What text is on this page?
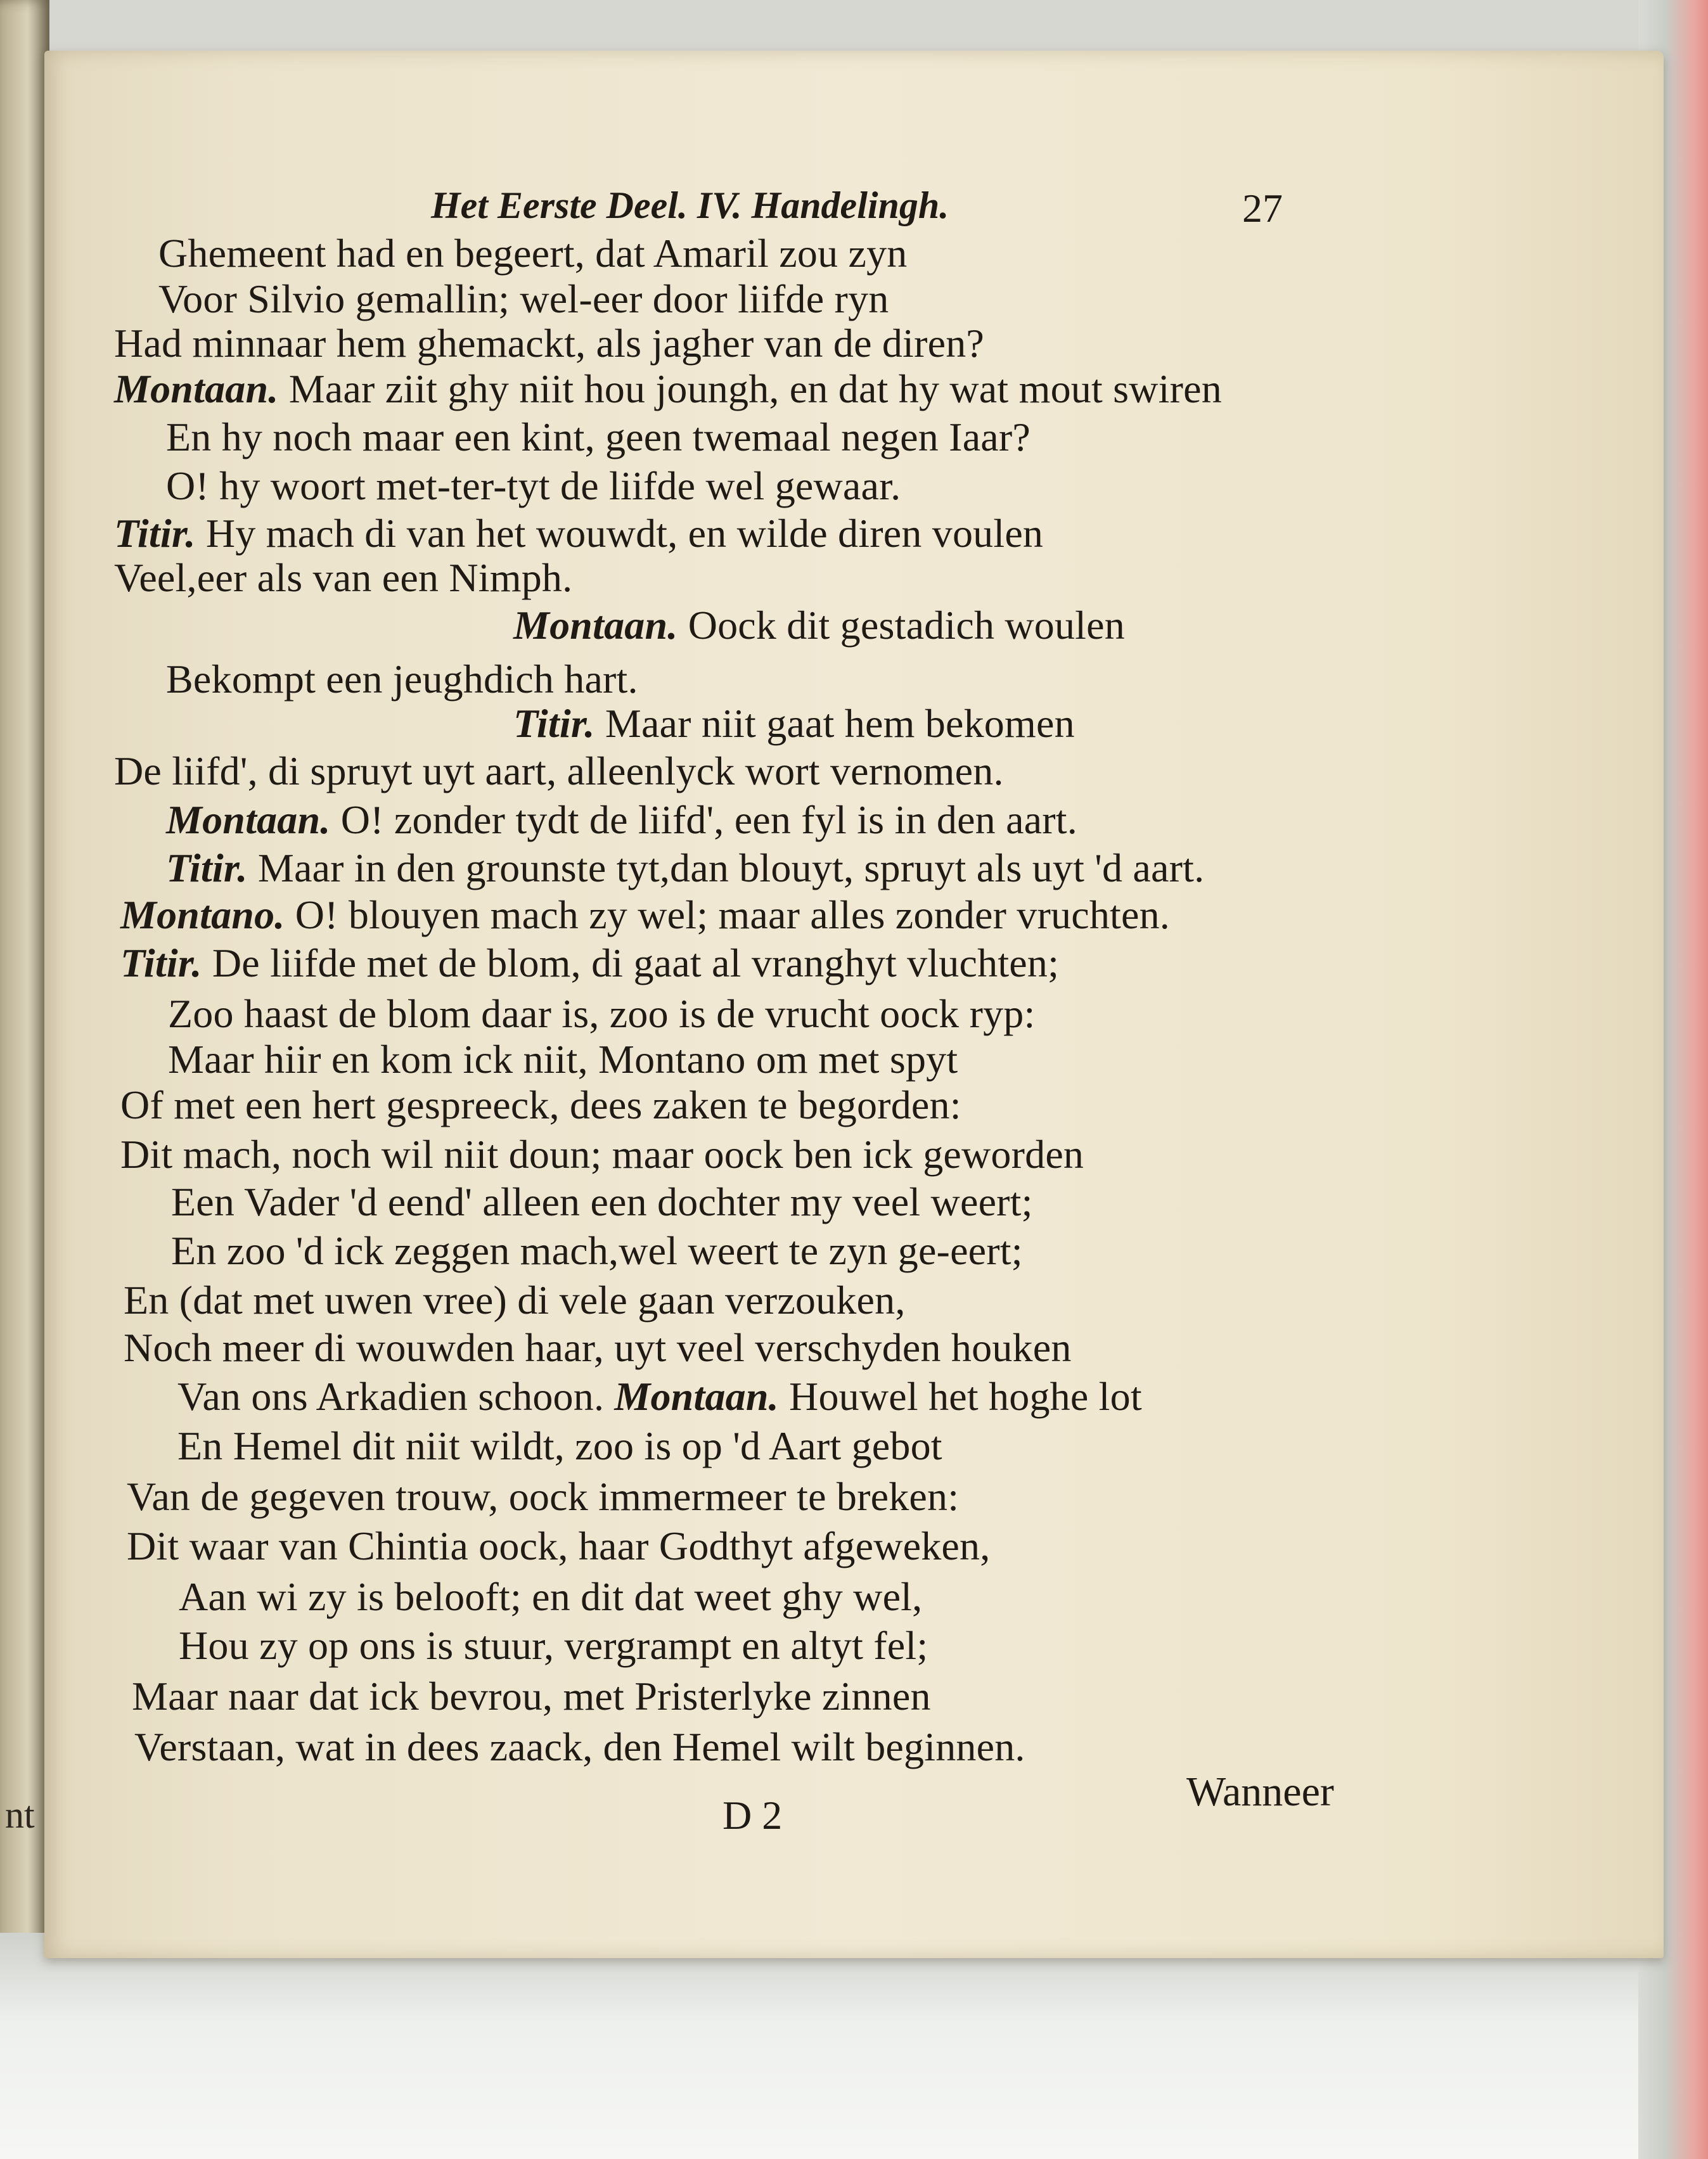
nt
Het Eerste Deel. IV. Handelingh.	27
Ghemeent had en begeert, dat Amaril zou zyn
Voor Silvio gemallin; wel-eer door liifde ryn
Had minnaar hem ghemackt, als jagher van de diren?
Montaan. Maar ziit ghy niit hou joungh, en dat hy wat mout swiren
En hy noch maar een kint, geen twemaal negen Iaar?
O! hy woort met-ter-tyt de liifde wel gewaar.
Titir. Hy mach di van het wouwdt, en wilde diren voulen
Veel,eer als van een Nimph.
Montaan. Oock dit gestadich woulen
Bekompt een jeughdich hart.
Titir. Maar niit gaat hem bekomen
De liifd', di spruyt uyt aart, alleenlyck wort vernomen.
Montaan. O! zonder tydt de liifd', een fyl is in den aart.
Titir. Maar in den grounste tyt,dan blouyt, spruyt als uyt 'd aart.
Montano. O! blouyen mach zy wel; maar alles zonder vruchten.
Titir. De liifde met de blom, di gaat al vranghyt vluchten;
Zoo haast de blom daar is, zoo is de vrucht oock ryp:
Maar hiir en kom ick niit, Montano om met spyt
Of met een hert gespreeck, dees zaken te begorden:
Dit mach, noch wil niit doun; maar oock ben ick geworden
Een Vader 'd eend' alleen een dochter my veel weert;
En zoo 'd ick zeggen mach,wel weert te zyn ge-eert;
En (dat met uwen vree) di vele gaan verzouken,
Noch meer di wouwden haar, uyt veel verschyden houken
Van ons Arkadien schoon. Montaan. Houwel het hoghe lot
En Hemel dit niit wildt, zoo is op 'd Aart gebot
Van de gegeven trouw, oock immermeer te breken:
Dit waar van Chintia oock, haar Godthyt afgeweken,
Aan wi zy is belooft; en dit dat weet ghy wel,
Hou zy op ons is stuur, vergrampt en altyt fel;
Maar naar dat ick bevrou, met Pristerlyke zinnen
Verstaan, wat in dees zaack, den Hemel wilt beginnen.
D 2
Wanneer
